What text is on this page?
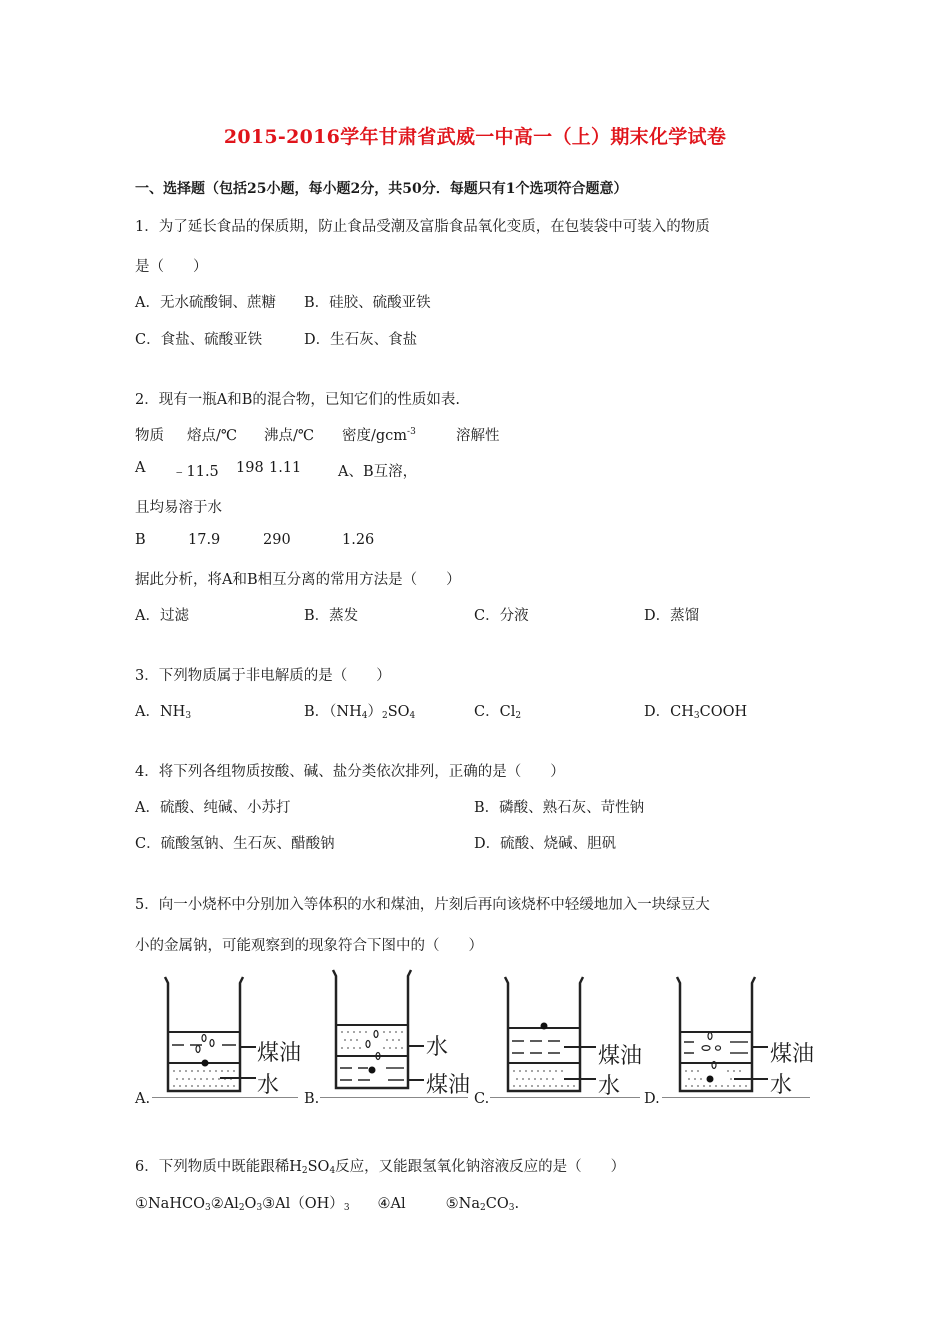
2015-2016学年甘肃省武威一中高一（上）期末化学试卷
一、选择题（包括25小题，每小题2分，共50分．每题只有1个选项符合题意）
1．为了延长食品的保质期，防止食品受潮及富脂食品氧化变质，在包装袋中可装入的物质
是（　　）
A．无水硫酸铜、蔗糖 B．硅胶、硫酸亚铁
C．食盐、硫酸亚铁	D．生石灰、食盐
2．现有一瓶A和B的混合物，已知它们的性质如表.
物质 熔点/℃ 沸点/℃ 密度/gcm$^{-3}$	溶解性
A ﹣11.5 198 1.11	A、B互溶，
且均易溶于水
B	17.9	290	1.26
据此分析，将A和B相互分离的常用方法是（　　）
A．过滤	B．蒸发	C．分液	D．蒸馏
3．下列物质属于非电解质的是（　　）
A．$NH_3$	B．$(NH_4)_2SO_4$	C．$Cl_2$	D．$CH_3COOH$
4．将下列各组物质按酸、碱、盐分类依次排列，正确的是（　　）
A．硫酸、纯碱、小苏打	B．磷酸、熟石灰、苛性钠
C．硫酸氢钠、生石灰、醋酸钠	D．硫酸、烧碱、胆矾
5．向一小烧杯中分别加入等体积的水和煤油，片刻后再向该烧杯中轻缓地加入一块绿豆大
小的金属钠，可能观察到的现象符合下图中的（　　）
A.
煤油
水
B.
水
煤油
C.
煤油
水 D.
煤油
水
6．下列物质中既能跟稀$H_2SO_4$反应，又能跟氢氧化钠溶液反应的是（　　）
$①NaHCO_3②Al_2O_3③Al(OH)_3$ ④Al	$⑤Na_2CO_3$.
